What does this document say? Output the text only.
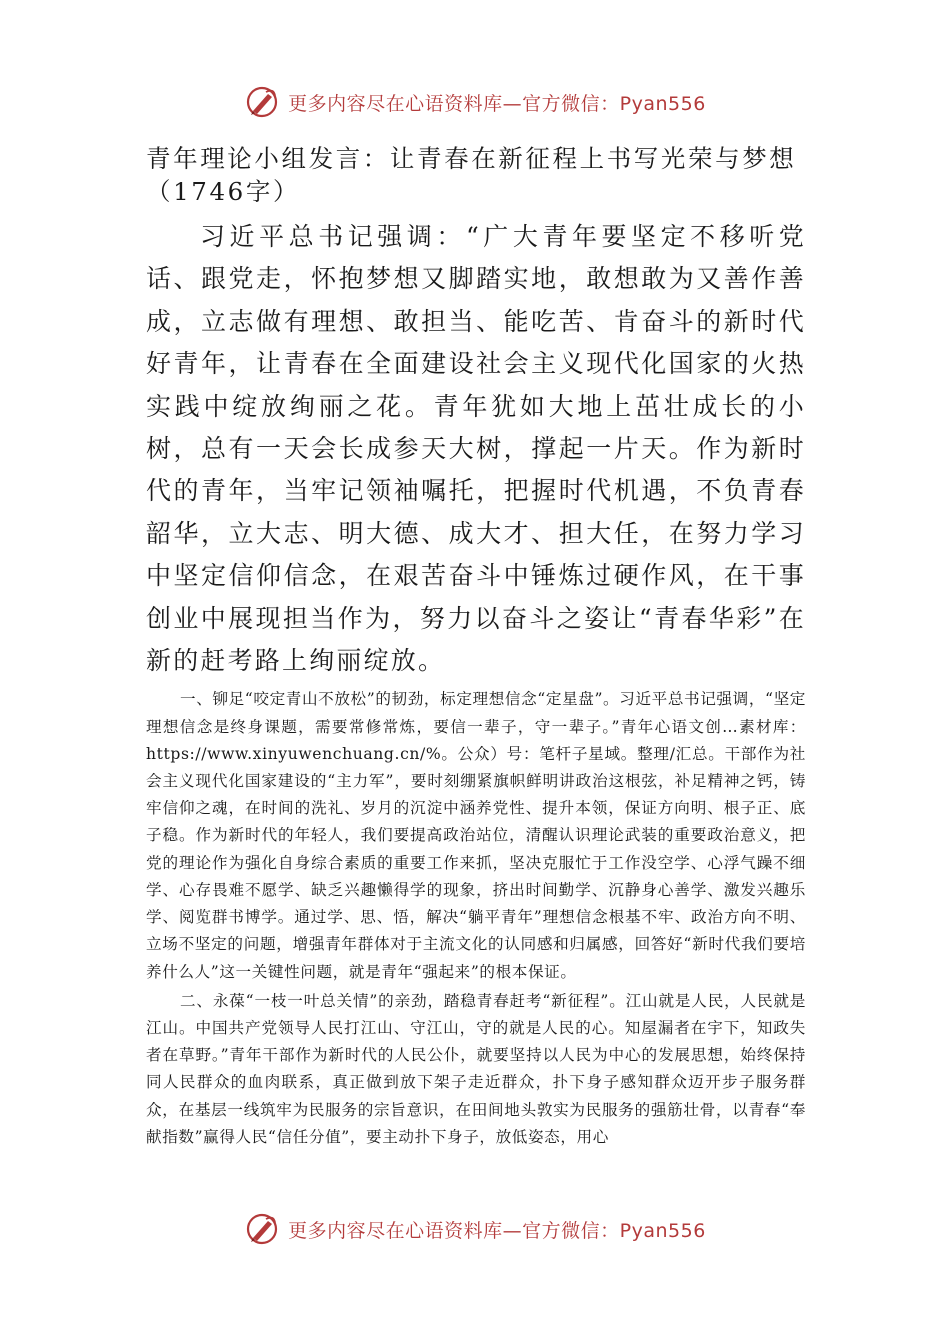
更多内容尽在心语资料库—官方微信：Pyan556
青年理论小组发言：让青春在新征程上书写光荣与梦想（1746字）

习近平总书记强调：“广大青年要坚定不移听党话、跟党走，怀抱梦想又脚踏实地，敢想敢为又善作善成，立志做有理想、敢担当、能吃苦、肯奋斗的新时代好青年，让青春在全面建设社会主义现代化国家的火热实践中绽放绚丽之花。青年犹如大地上茁壮成长的小树，总有一天会长成参天大树，撑起一片天。作为新时代的青年，当牢记领袖嘱托，把握时代机遇，不负青春韶华，立大志、明大德、成大才、担大任，在努力学习中坚定信仰信念，在艰苦奋斗中锤炼过硬作风，在干事创业中展现担当作为，努力以奋斗之姿让“青春华彩”在新的赶考路上绚丽绽放。

一、铆足“咬定青山不放松”的韧劲，标定理想信念“定星盘”。习近平总书记强调，“坚定理想信念是终身课题，需要常修常炼，要信一辈子，守一辈子。”青年心语文创…素材库：https://www.xinyuwenchuang.cn/%。公众）号：笔杆子星域。整理/汇总。干部作为社会主义现代化国家建设的“主力军”，要时刻绷紧旗帜鲜明讲政治这根弦，补足精神之钙，铸牢信仰之魂，在时间的洗礼、岁月的沉淀中涵养党性、提升本领，保证方向明、根子正、底子稳。作为新时代的年轻人，我们要提高政治站位，清醒认识理论武装的重要政治意义，把党的理论作为强化自身综合素质的重要工作来抓，坚决克服忙于工作没空学、心浮气躁不细学、心存畏难不愿学、缺乏兴趣懒得学的现象，挤出时间勤学、沉静身心善学、激发兴趣乐学、阅览群书博学。通过学、思、悟，解决“躺平青年”理想信念根基不牢、政治方向不明、立场不坚定的问题，增强青年群体对于主流文化的认同感和归属感，回答好“新时代我们要培养什么人”这一关键性问题，就是青年“强起来”的根本保证。

二、永葆“一枝一叶总关情”的亲劲，踏稳青春赶考“新征程”。江山就是人民，人民就是江山。中国共产党领导人民打江山、守江山，守的就是人民的心。知屋漏者在宇下，知政失者在草野。”青年干部作为新时代的人民公仆，就要坚持以人民为中心的发展思想，始终保持同人民群众的血肉联系，真正做到放下架子走近群众，扑下身子感知群众迈开步子服务群众，在基层一线筑牢为民服务的宗旨意识，在田间地头敦实为民服务的强筋壮骨，以青春“奉献指数”赢得人民“信任分值”，要主动扑下身子，放低姿态，用心

更多内容尽在心语资料库—官方微信：Pyan556
